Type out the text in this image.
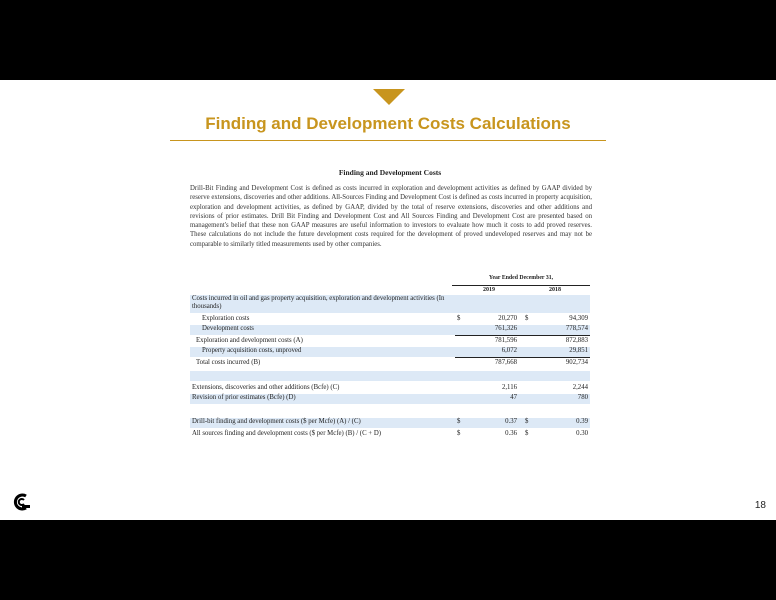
Finding and Development Costs Calculations
Finding and Development Costs
Drill-Bit Finding and Development Cost is defined as costs incurred in exploration and development activities as defined by GAAP divided by reserve extensions, discoveries and other additions. All-Sources Finding and Development Cost is defined as costs incurred in property acquisition, exploration and development activities, as defined by GAAP, divided by the total of reserve extensions, discoveries and other additions and revisions of prior estimates. Drill Bit Finding and Development Cost and All Sources Finding and Development Cost are presented based on management's belief that these non GAAP measures are useful information to investors to evaluate how much it costs to add proved reserves. These calculations do not include the future development costs required for the development of proved undeveloped reserves and may not be comparable to similarly titled measurements used by other companies.
Year Ended December 31,
2019	2018
Costs incurred in oil and gas property acquisition, exploration and development activities (In thousands)
Exploration costs	$	20,270 $	94,309
Development costs	761,326	778,574
Exploration and development costs (A)	781,596	872,883
Property acquisition costs, unproved	6,072	29,851
Total costs incurred (B)	787,668	902,734
Extensions, discoveries and other additions (Bcfe) (C)	2,116	2,244
Revision of prior estimates (Bcfe) (D)	47	780
Drill-bit finding and development costs ($ per Mcfe) (A) / (C)	$	0.37 $	0.39
All sources finding and development costs ($ per Mcfe) (B) / (C + D)	$	0.36 $	0.30
18
